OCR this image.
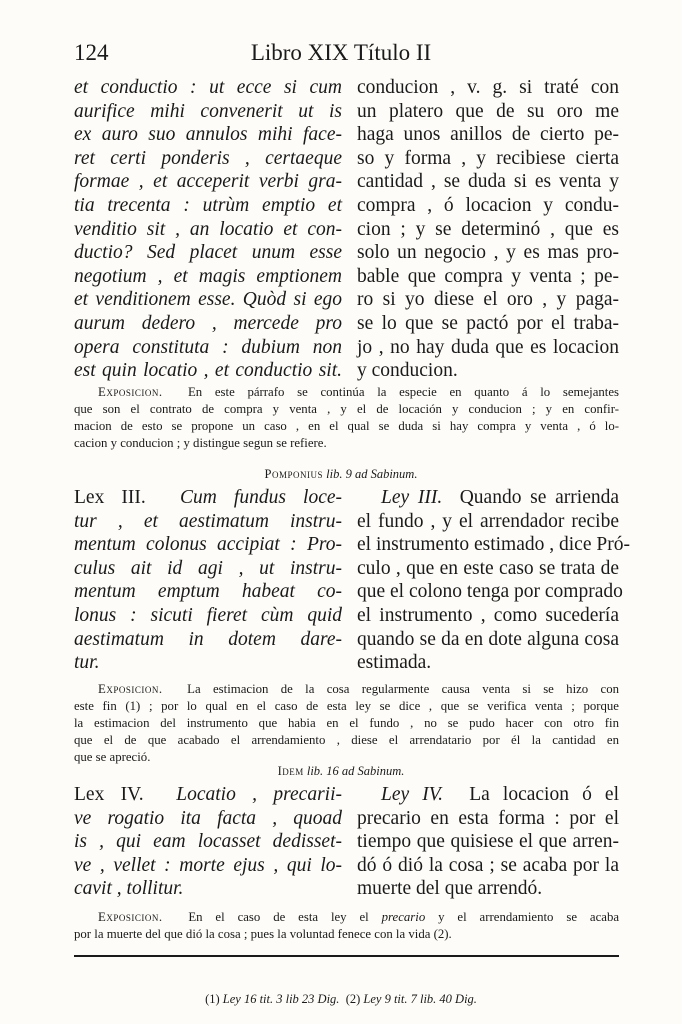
124	Libro XIX Título II
et conductio : ut ecce si cum
aurifice mihi convenerit ut is
ex auro suo annulos mihi face-
ret certi ponderis , certaeque
formae , et acceperit verbi gra-
tia trecenta : utrùm emptio et
venditio sit , an locatio et con-
ductio? Sed placet unum esse
negotium , et magis emptionem
et venditionem esse. Quòd si ego
aurum dedero , mercede pro
opera constituta : dubium non
est quin locatio , et conductio sit.
conducion , v. g. si traté con
un platero que de su oro me
haga unos anillos de cierto pe-
so y forma , y recibiese cierta
cantidad , se duda si es venta y
compra , ó locacion y condu-
cion ; y se determinó , que es
solo un negocio , y es mas pro-
bable que compra y venta ; pe-
ro si yo diese el oro , y paga-
se lo que se pactó por el traba-
jo , no hay duda que es locacion
y conducion.
Exposicion. En este párrafo se continúa la especie en quanto á lo semejantes
que son el contrato de compra y venta , y el de locación y conducion ; y en confir-
macion de esto se propone un caso , en el qual se duda si hay compra y venta , ó lo-
cacion y conducion ; y distingue segun se refiere.
Pomponius lib. 9 ad Sabinum.
Lex III. Cum fundus loce-
tur , et aestimatum instru-
mentum colonus accipiat : Pro-
culus ait id agi , ut instru-
mentum emptum habeat co-
lonus : sicuti fieret cùm quid
aestimatum in dotem dare-
tur.
Ley III. Quando se arrienda
el fundo , y el arrendador recibe
el instrumento estimado , dice Pró-
culo , que en este caso se trata de
que el colono tenga por comprado
el instrumento , como sucedería
quando se da en dote alguna cosa
estimada.
Exposicion. La estimacion de la cosa regularmente causa venta si se hizo con
este fin (1) ; por lo qual en el caso de esta ley se dice , que se verifica venta ; porque
la estimacion del instrumento que habia en el fundo , no se pudo hacer con otro fin
que el de que acabado el arrendamiento , diese el arrendatario por él la cantidad en
que se apreció.
Idem lib. 16 ad Sabinum.
Lex IV. Locatio , precarii-
ve rogatio ita facta , quoad
is , qui eam locasset dedisset-
ve , vellet : morte ejus , qui lo-
cavit , tollitur.
Ley IV. La locacion ó el
precario en esta forma : por el
tiempo que quisiese el que arren-
dó ó dió la cosa ; se acaba por la
muerte del que arrendó.
Exposicion. En el caso de esta ley el precario y el arrendamiento se acaba
por la muerte del que dió la cosa ; pues la voluntad fenece con la vida (2).
(1) Ley 16 tit. 3 lib 23 Dig. (2) Ley 9 tit. 7 lib. 40 Dig.
